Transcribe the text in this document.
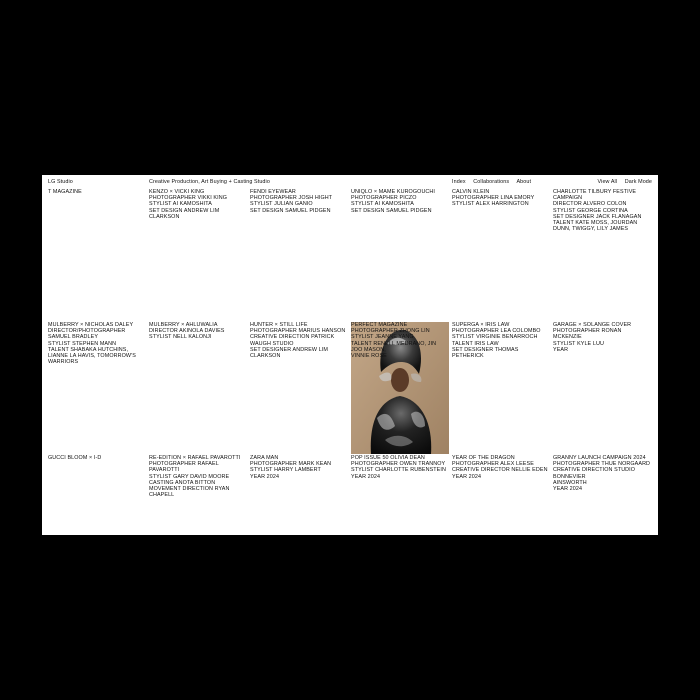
LG Studio	Creative Production, Art Buying + Casting Studio	Index Collaborations About	View All Dark Mode
T MAGAZINE	KENZO × VICKI KING
PHOTOGRAPHER VIKKI KING
STYLIST AI KAMOSHITA
SET DESIGN ANDREW LIM CLARKSON
FENDI EYEWEAR
PHOTOGRAPHER JOSH HIGHT
STYLIST JULIAN GANIO
SET DESIGN SAMUEL PIDGEN
UNIQLO × MAME KUROGOUCHI
PHOTOGRAPHER PICZO
STYLIST AI KAMOSHITA
SET DESIGN SAMUEL PIDGEN
CALVIN KLEIN
PHOTOGRAPHER LINA EMORY
STYLIST ALEX HARRINGTON
CHARLOTTE TILBURY FESTIVE CAMPAIGN
DIRECTOR ALVERO COLON
STYLIST GEORGE CORTINA
SET DESIGNER JACK FLANAGAN
TALENT KATE MOSS, JOURDAN DUNN, TWIGGY, LILY JAMES
MULBERRY × NICHOLAS DALEY
DIRECTOR/PHOTOGRAPHER SAMUEL BRADLEY
STYLIST STEPHEN MANN
TALENT SHABAKA HUTCHINS, LIANNE LA HAVIS, TOMORROW'S WARRIORS
MULBERRY × AHLUWALIA
DIRECTOR AKINOLA DAVIES
STYLIST NELL KALONJI
HUNTER × STILL LIFE
PHOTOGRAPHER MARIUS HANSON
CREATIVE DIRECTION PATRICK WAUGH STUDIO
SET DESIGNER ANDREW LIM CLARKSON
PERFECT MAGAZINE
PHOTOGRAPHER ZHONG LIN
STYLIST JEANNE YANG
TALENT RENELL MEDRANO, JIN JOO MASON,
VINNIE ROSE
SUPERGA × IRIS LAW
PHOTOGRAPHER LEA COLOMBO
STYLIST VIRGINIE BENARROCH
TALENT IRIS LAW
SET DESIGNER THOMAS PETHERICK
GARAGE × SOLANGE COVER
PHOTOGRAPHER RONAN MCKENZIE
STYLIST KYLE LUU
YEAR
GUCCI BLOOM × I-D	RE-EDITION × RAFAEL PAVAROTTI
PHOTOGRAPHER RAFAEL PAVAROTTI
STYLIST GARY DAVID MOORE
CASTING ANOTA BITTON
MOVEMENT DIRECTION RYAN CHAPELL
ZARA MAN
PHOTOGRAPHER MARK KEAN
STYLIST HARRY LAMBERT
YEAR 2024
POP ISSUE 50 OLIVIA DEAN
PHOTOGRAPHER OWEN TRANNOY
STYLIST CHARLOTTE RUBENSTEIN
YEAR 2024
YEAR OF THE DRAGON
PHOTOGRAPHER ALEX LEESE
CREATIVE DIRECTOR NELLIE EDEN
YEAR 2024
GRANNY LAUNCH CAMPAIGN 2024
PHOTOGRAPHER THUE NORGAARD
CREATIVE DIRECTION STUDIO BONNEVIER
AINSWORTH
YEAR 2024
